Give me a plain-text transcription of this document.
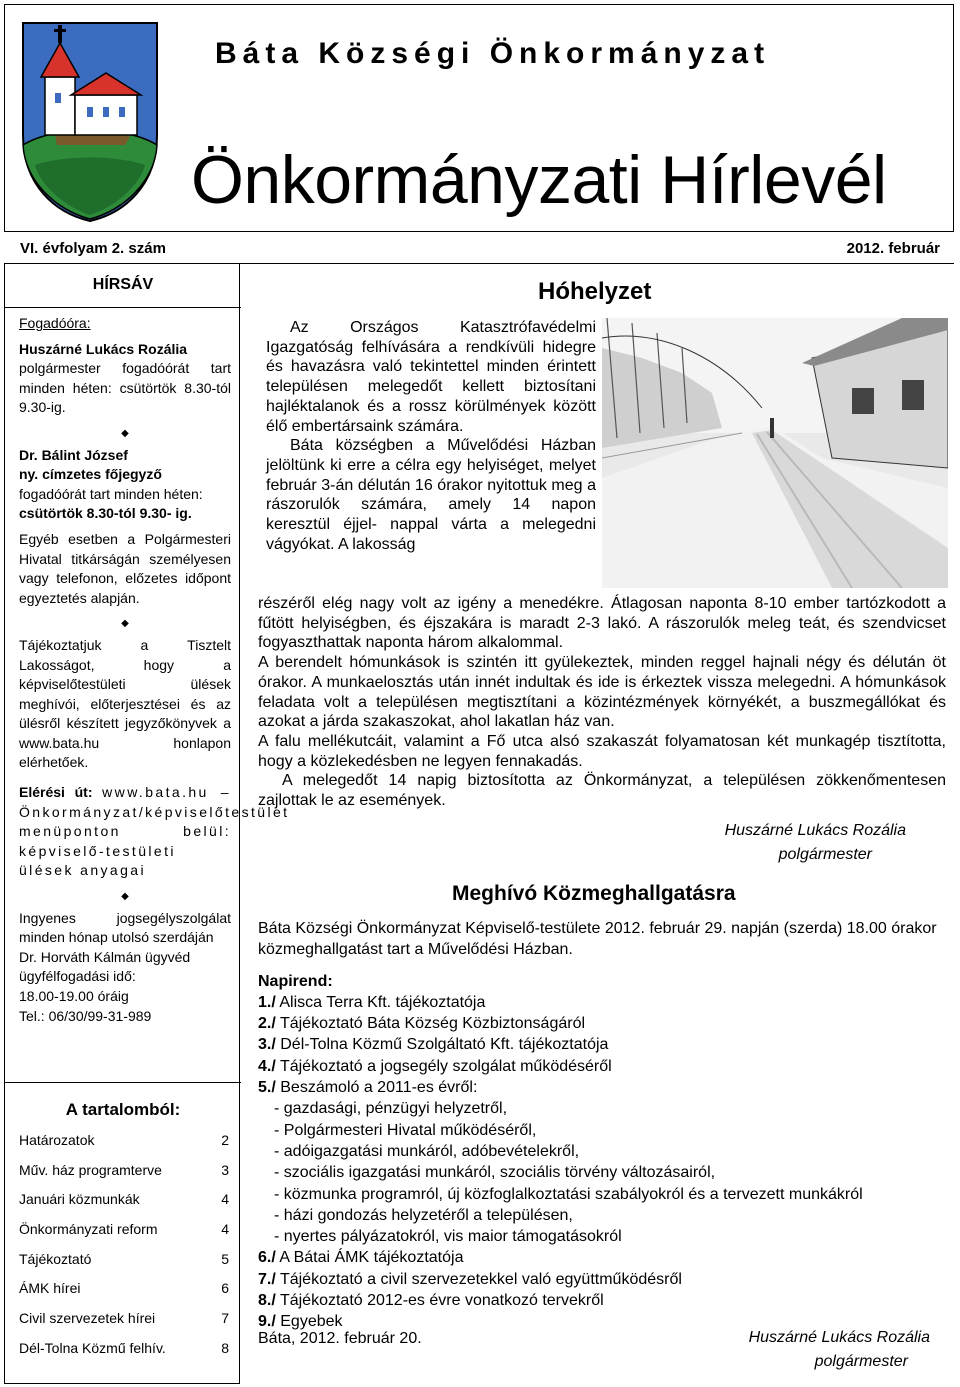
Báta Községi Önkormányzat
Önkormányzati Hírlevél
VI. évfolyam 2. szám	2012. február
HÍRSÁV

Fogadóóra:

Huszárné Lukács Rozália

polgármester fogadóórát tart minden héten: csütörtök 8.30-tól 9.30-ig.

◆

Dr. Bálint József

ny. címzetes főjegyző

fogadóórát tart minden héten:

csütörtök 8.30-tól 9.30- ig.

Egyéb esetben a Polgármesteri Hivatal titkárságán személyesen vagy telefonon, előzetes időpont egyeztetés alapján.

◆

Tájékoztatjuk a Tisztelt Lakosságot, hogy a képviselőtestületi ülések meghívói, előterjesztései és az ülésről készített jegyzőkönyvek a www.bata.hu honlapon elérhetőek.

Elérési út: www.bata.hu – Önkormányzat/képviselőtestület menüponton belül: képviselő-testületi ülések anyagai

◆

Ingyenes jogsegélyszolgálat minden hónap utolsó szerdáján

Dr. Horváth Kálmán ügyvéd

ügyfélfogadási idő:

18.00-19.00 óráig

Tel.: 06/30/99-31-989

A tartalomból:
Határozatok	2
Műv. ház programterve	3
Januári közmunkák	4
Önkormányzati reform	4
Tájékoztató	5
ÁMK hírei	6
Civil szervezetek hírei	7
Dél-Tolna Közmű felhív.	8
Hóhelyzet

Az Országos Katasztrófavédelmi Igazgatóság felhívására a rendkívüli hidegre és havazásra való tekintettel minden érintett településen melegedőt kellett biztosítani hajléktalanok és a rossz körülmények között élő embertársaink számára.

Báta községben a Művelődési Házban jelöltünk ki erre a célra egy helyiséget, melyet február 3-án délután 16 órakor nyitottuk meg a rászorulók számára, amely 14 napon keresztül éjjel- nappal várta a melegedni vágyókat. A lakosság

részéről elég nagy volt az igény a menedékre. Átlagosan naponta 8-10 ember tartózkodott a fűtött helyiségben, és éjszakára is maradt 2-3 lakó. A rászorulók meleg teát, és szendvicset fogyaszthattak naponta három alkalommal.

A berendelt hómunkások is szintén itt gyülekeztek, minden reggel hajnali négy és délután öt órakor. A munkaelosztás után innét indultak és ide is érkeztek vissza melegedni. A hómunkások feladata volt a településen megtisztítani a közintézmények környékét, a buszmegállókat és azokat a járda szakaszokat, ahol lakatlan ház van.

A falu mellékutcáit, valamint a Fő utca alsó szakaszát folyamatosan két munkagép tisztította, hogy a közlekedésben ne legyen fennakadás.

A melegedőt 14 napig biztosította az Önkormányzat, a településen zökkenőmentesen zajlottak le az események.

Huszárné Lukács Rozália
polgármester
Meghívó Közmeghallgatásra

Báta Községi Önkormányzat Képviselő-testülete 2012. február 29. napján (szerda) 18.00 órakor közmeghallgatást tart a Művelődési Házban.

Napirend:

1./ Alisca Terra Kft. tájékoztatója

2./ Tájékoztató Báta Község Közbiztonságáról

3./ Dél-Tolna Közmű Szolgáltató Kft. tájékoztatója

4./ Tájékoztató a jogsegély szolgálat működéséről

5./ Beszámoló a 2011-es évről:

- gazdasági, pénzügyi helyzetről,

- Polgármesteri Hivatal működéséről,

- adóigazgatási munkáról, adóbevételekről,

- szociális igazgatási munkáról, szociális törvény változásairól,

- közmunka programról, új közfoglalkoztatási szabályokról és a tervezett munkákról

- házi gondozás helyzetéről a településen,

- nyertes pályázatokról, vis maior támogatásokról

6./ A Bátai ÁMK tájékoztatója

7./ Tájékoztató a civil szervezetekkel való együttműködésről

8./ Tájékoztató 2012-es évre vonatkozó tervekről

9./ Egyebek

Báta, 2012. február 20.	Huszárné Lukács Rozália
polgármester
